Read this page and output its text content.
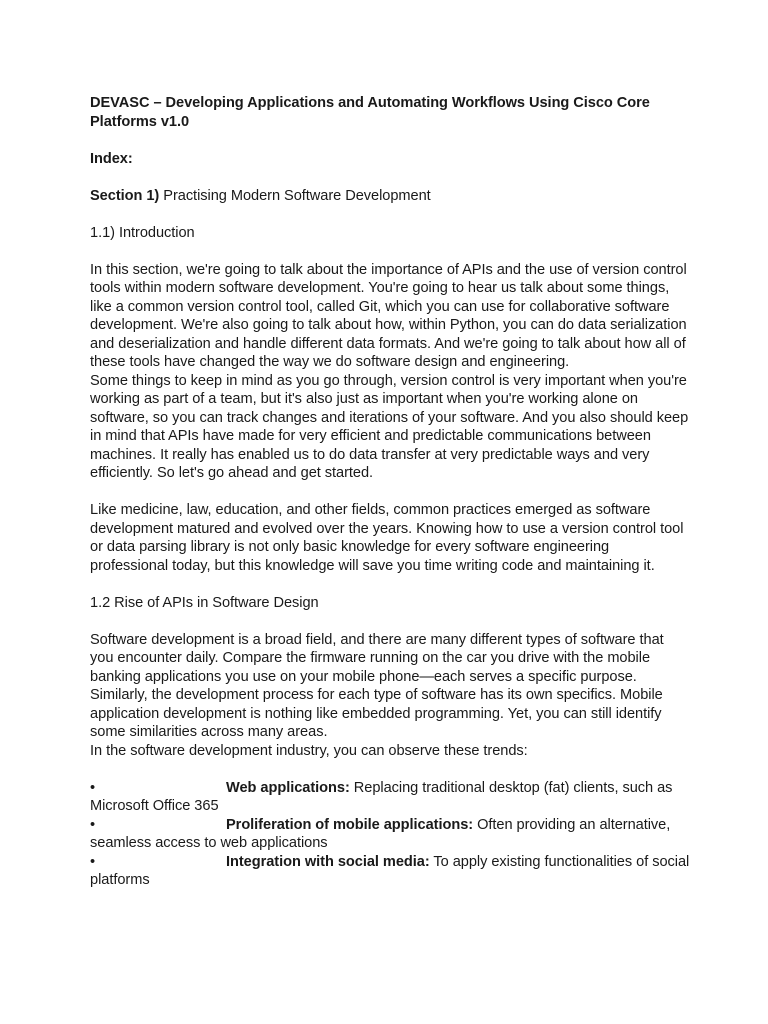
DEVASC – Developing Applications and Automating Workflows Using Cisco Core Platforms v1.0

Index:

Section 1) Practising Modern Software Development

1.1) Introduction

In this section, we're going to talk about the importance of APIs and the use of version control tools within modern software development. You're going to hear us talk about some things, like a common version control tool, called Git, which you can use for collaborative software development. We're also going to talk about how, within Python, you can do data serialization and deserialization and handle different data formats. And we're going to talk about how all of these tools have changed the way we do software design and engineering.

Some things to keep in mind as you go through, version control is very important when you're working as part of a team, but it's also just as important when you're working alone on software, so you can track changes and iterations of your software. And you also should keep in mind that APIs have made for very efficient and predictable communications between machines. It really has enabled us to do data transfer at very predictable ways and very efficiently. So let's go ahead and get started.

Like medicine, law, education, and other fields, common practices emerged as software development matured and evolved over the years. Knowing how to use a version control tool or data parsing library is not only basic knowledge for every software engineering professional today, but this knowledge will save you time writing code and maintaining it.

1.2 Rise of APIs in Software Design

Software development is a broad field, and there are many different types of software that you encounter daily. Compare the firmware running on the car you drive with the mobile banking applications you use on your mobile phone—each serves a specific purpose. Similarly, the development process for each type of software has its own specifics. Mobile application development is nothing like embedded programming. Yet, you can still identify some similarities across many areas.

In the software development industry, you can observe these trends:

•	Web applications: Replacing traditional desktop (fat) clients, such as Microsoft Office 365

•	Proliferation of mobile applications: Often providing an alternative, seamless access to web applications

•	Integration with social media: To apply existing functionalities of social platforms
